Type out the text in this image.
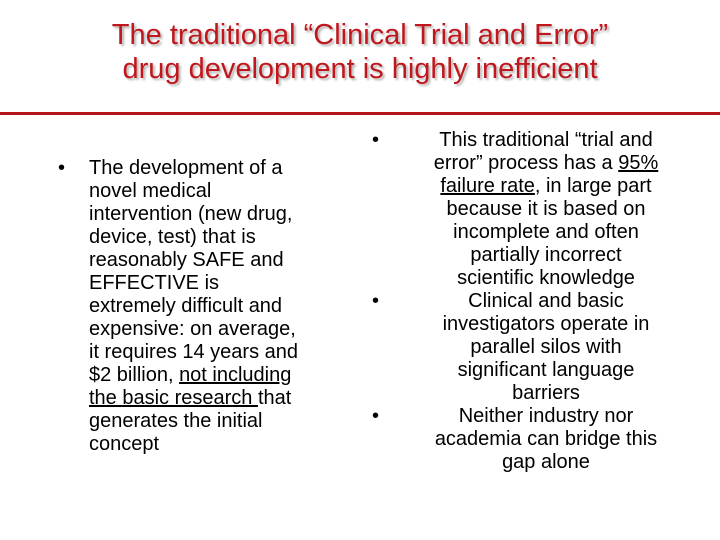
The traditional “Clinical Trial and Error”
drug development is highly inefficient
• The development of a
novel medical
intervention (new drug,
device, test) that is
reasonably SAFE and
EFFECTIVE is
extremely difficult and
expensive: on average,
it requires 14 years and
$2 billion, not including
the basic research that
generates the initial
concept
•	This traditional “trial and
error” process has a 95%
failure rate, in large part
because it is based on
incomplete and often
partially incorrect
scientific knowledge
•	Clinical and basic
investigators operate in
parallel silos with
significant language
barriers
•	Neither industry nor
academia can bridge this
gap alone
